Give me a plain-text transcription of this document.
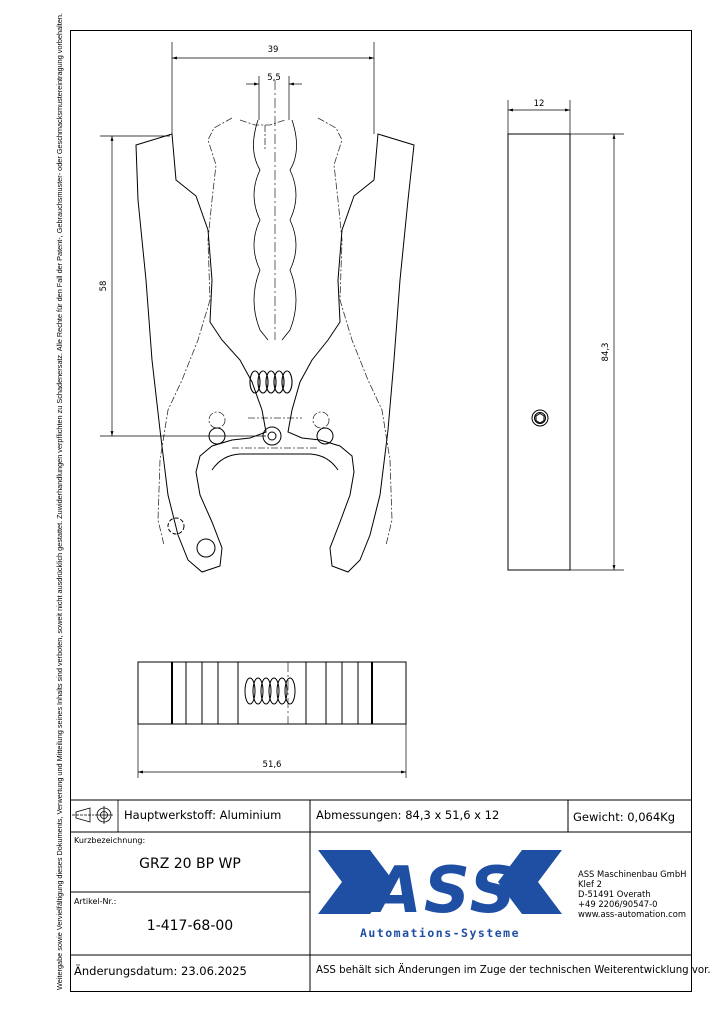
Weitergabe sowie Vervielfältigung dieses Dokuments, Verwertung und Mitteilung seines Inhalts sind verboten, soweit nicht ausdrücklich gestattet. Zuwiderhandlungen verpflichten zu Schadenersatz. Alle Rechte für den Fall der Patent-, Gebrauchsmuster- oder Geschmacksmustereintragung vorbehalten.	39
5,5
58
12
84,3
51,6
ASS
Automations-Systeme
Hauptwerkstoff: Aluminium	Abmessungen: 84,3 x 51,6 x 12	Gewicht: 0,064Kg
Kurzbezeichnung:
GRZ 20 BP WP
Artikel-Nr.:
1-417-68-00
Änderungsdatum: 23.06.2025	ASS behält sich Änderungen im Zuge der technischen Weiterentwicklung vor.
ASS Maschinenbau GmbH
Klef 2
D-51491 Overath
+49 2206/90547-0
www.ass-automation.com
